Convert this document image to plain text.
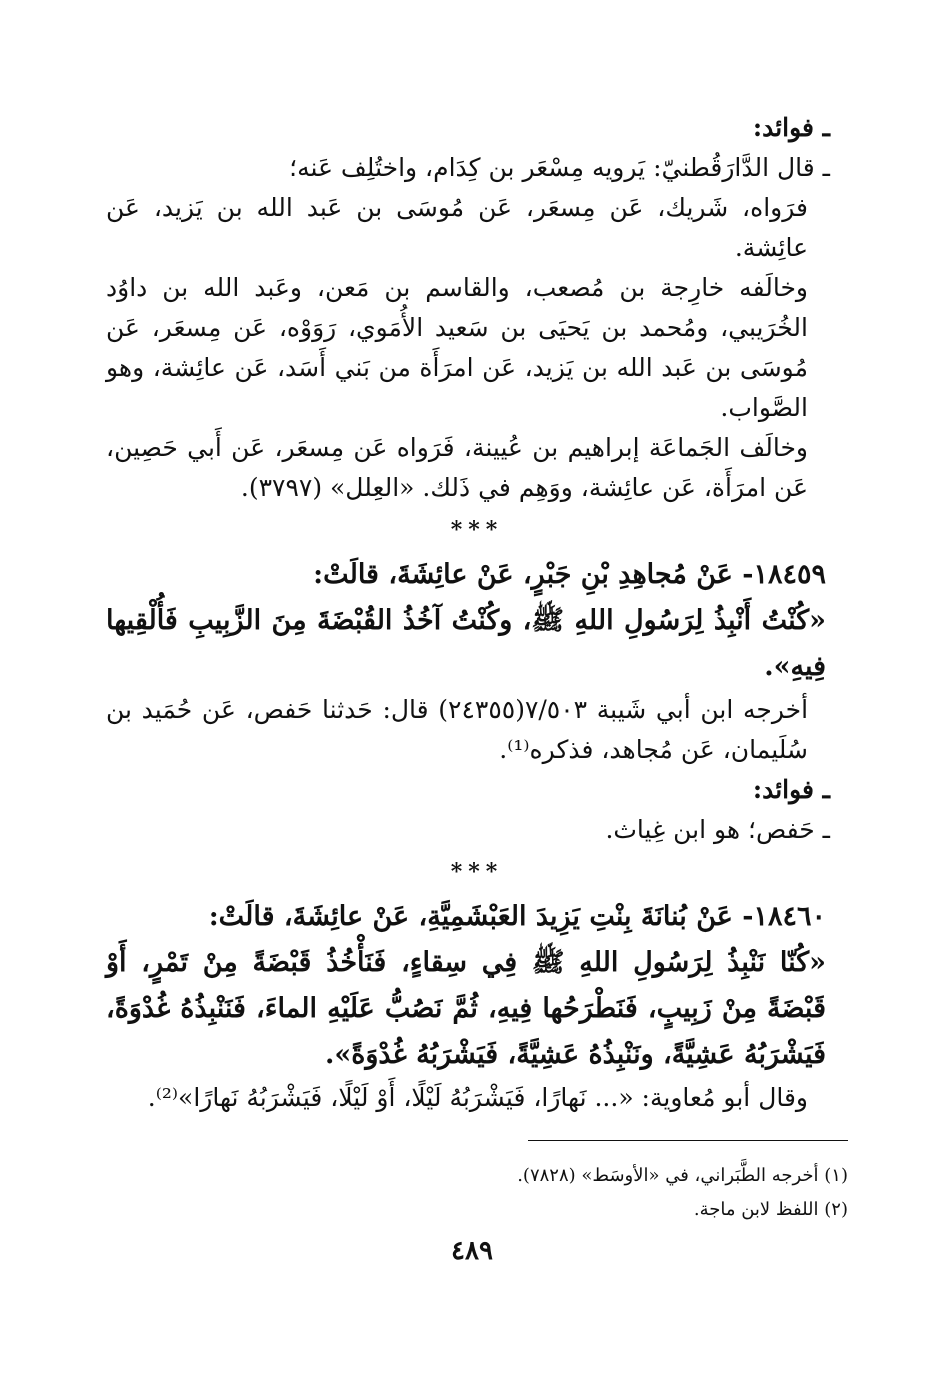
ـ فوائد:

ـ قال الدَّارَقُطنيّ: يَرويه مِسْعَر بن كِدَام، واختُلِف عَنه؛

فرَواه، شَريك، عَن مِسعَر، عَن مُوسَى بن عَبد الله بن يَزيد، عَن عائِشة.

وخالَفه خارِجة بن مُصعب، والقاسم بن مَعن، وعَبد الله بن داوُد الخُرَيبي، ومُحمد بن يَحيَى بن سَعيد الأُمَوي، رَوَوْه، عَن مِسعَر، عَن مُوسَى بن عَبد الله بن يَزيد، عَن امرَأَة من بَني أَسَد، عَن عائِشة، وهو الصَّواب.

وخالَف الجَماعَة إبراهيم بن عُيينة، فَرَواه عَن مِسعَر، عَن أَبي حَصِين، عَن امرَأَة، عَن عائِشة، ووَهِم في ذَلك. «العِلل» (٣٧٩٧).

***

١٨٤٥٩- عَنْ مُجاهِدِ بْنِ جَبْرٍ، عَنْ عائِشَةَ، قالَتْ:

«كُنْتُ أَنْبِذُ لِرَسُولِ اللهِ ﷺ، وكُنْتُ آخُذُ القُبْضَةَ مِنَ الزَّبِيبِ فَأُلْقِيها فِيهِ».

أخرجه ابن أبي شَيبة ٧/٥٠٣(٢٤٣٥٥) قال: حَدثنا حَفص، عَن حُمَيد بن سُلَيمان، عَن مُجاهد، فذكره⁽¹⁾.

ـ فوائد:

ـ حَفص؛ هو ابن غِياث.

***

١٨٤٦٠- عَنْ بُنانَةَ بِنْتِ يَزِيدَ العَبْشَمِيَّةِ، عَنْ عائِشَةَ، قالَتْ:

«كُنّا نَنْبِذُ لِرَسُولِ اللهِ ﷺ فِي سِقاءٍ، فَنَأْخُذُ قَبْضَةً مِنْ تَمْرٍ، أَوْ قَبْضَةً مِنْ زَبِيبٍ، فَنَطْرَحُها فِيهِ، ثُمَّ نَصُبُّ عَلَيْهِ الماءَ، فَنَنْبِذُهُ غُدْوَةً، فَيَشْرَبُهُ عَشِيَّةً، ونَنْبِذُهُ عَشِيَّةً، فَيَشْرَبُهُ غُدْوَةً».

وقال أبو مُعاوية: «... نَهارًا، فَيَشْرَبُهُ لَيْلًا، أَوْ لَيْلًا، فَيَشْرَبُهُ نَهارًا»⁽²⁾.

(١) أخرجه الطَّبَراني، في «الأوسَط» (٧٨٢٨).

(٢) اللفظ لابن ماجة.

٤٨٩
